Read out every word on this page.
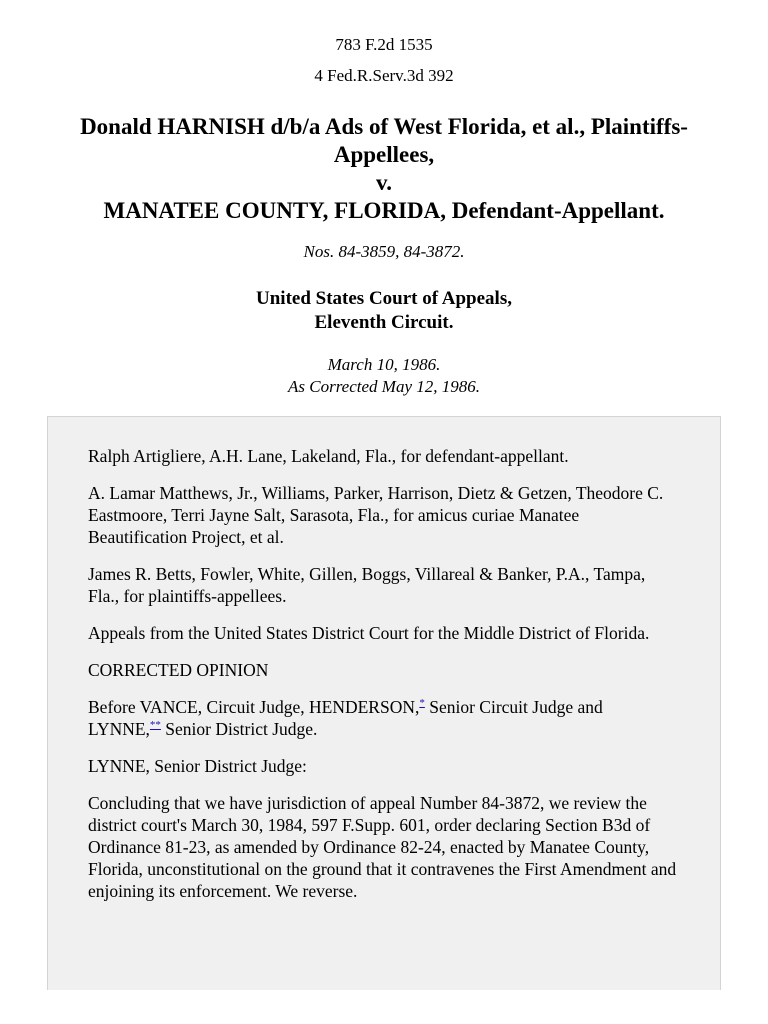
783 F.2d 1535
4 Fed.R.Serv.3d 392
Donald HARNISH d/b/a Ads of West Florida, et al., Plaintiffs-
Appellees,
v.
MANATEE COUNTY, FLORIDA, Defendant-Appellant.
Nos. 84-3859, 84-3872.
United States Court of Appeals,
Eleventh Circuit.
March 10, 1986.
As Corrected May 12, 1986.

Ralph Artigliere, A.H. Lane, Lakeland, Fla., for defendant-appellant.

A. Lamar Matthews, Jr., Williams, Parker, Harrison, Dietz & Getzen, Theodore C. Eastmoore, Terri Jayne Salt, Sarasota, Fla., for amicus curiae Manatee Beautification Project, et al.

James R. Betts, Fowler, White, Gillen, Boggs, Villareal & Banker, P.A., Tampa, Fla., for plaintiffs-appellees.

Appeals from the United States District Court for the Middle District of Florida.

CORRECTED OPINION

Before VANCE, Circuit Judge, HENDERSON,* Senior Circuit Judge and LYNNE,** Senior District Judge.

LYNNE, Senior District Judge:

Concluding that we have jurisdiction of appeal Number 84-3872, we review the district court's March 30, 1984, 597 F.Supp. 601, order declaring Section B3d of Ordinance 81-23, as amended by Ordinance 82-24, enacted by Manatee County, Florida, unconstitutional on the ground that it contravenes the First Amendment and enjoining its enforcement. We reverse.
